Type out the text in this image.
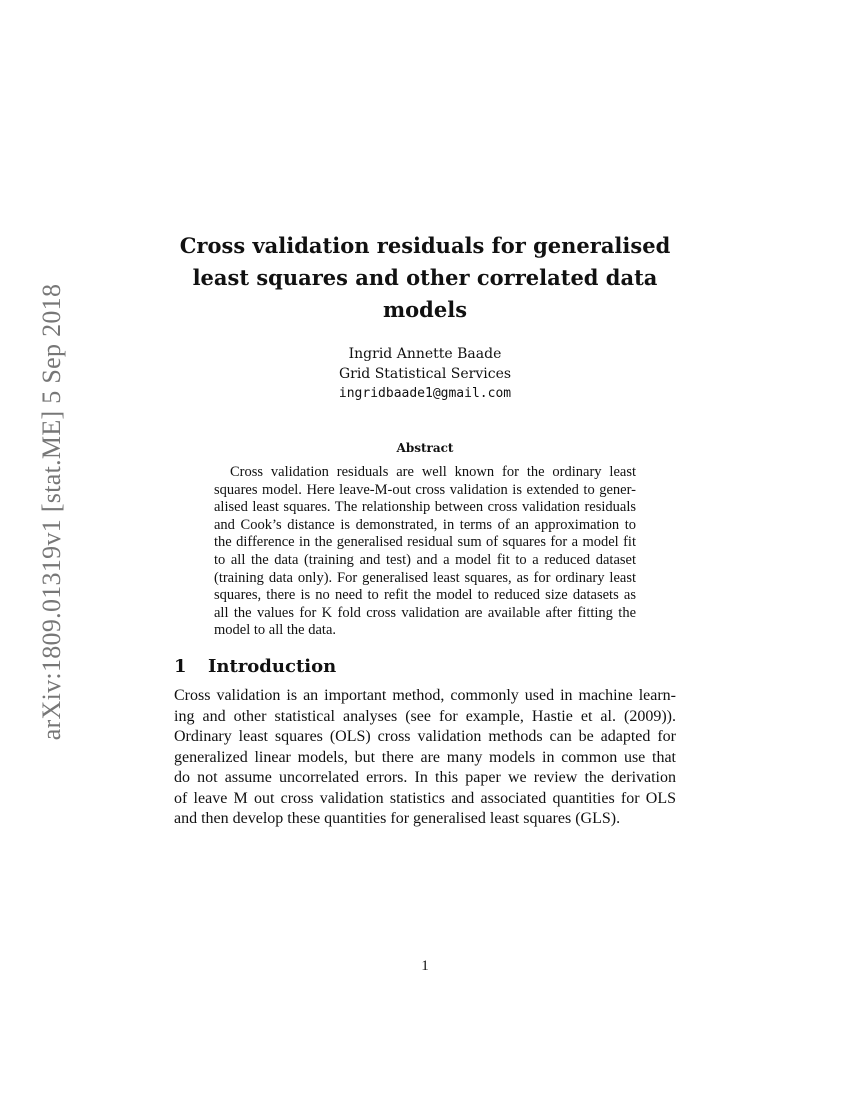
arXiv:1809.01319v1 [stat.ME] 5 Sep 2018
Cross validation residuals for generalised
least squares and other correlated data
models
Ingrid Annette Baade
Grid Statistical Services
ingridbaade1@gmail.com
Abstract
Cross validation residuals are well known for the ordinary least
squares model. Here leave-M-out cross validation is extended to gener-
alised least squares. The relationship between cross validation residuals
and Cook’s distance is demonstrated, in terms of an approximation to
the difference in the generalised residual sum of squares for a model fit
to all the data (training and test) and a model fit to a reduced dataset
(training data only). For generalised least squares, as for ordinary least
squares, there is no need to refit the model to reduced size datasets as
all the values for K fold cross validation are available after fitting the
model to all the data.
1 Introduction
Cross validation is an important method, commonly used in machine learn-
ing and other statistical analyses (see for example, Hastie et al. (2009)).
Ordinary least squares (OLS) cross validation methods can be adapted for
generalized linear models, but there are many models in common use that
do not assume uncorrelated errors. In this paper we review the derivation
of leave M out cross validation statistics and associated quantities for OLS
and then develop these quantities for generalised least squares (GLS).
1
